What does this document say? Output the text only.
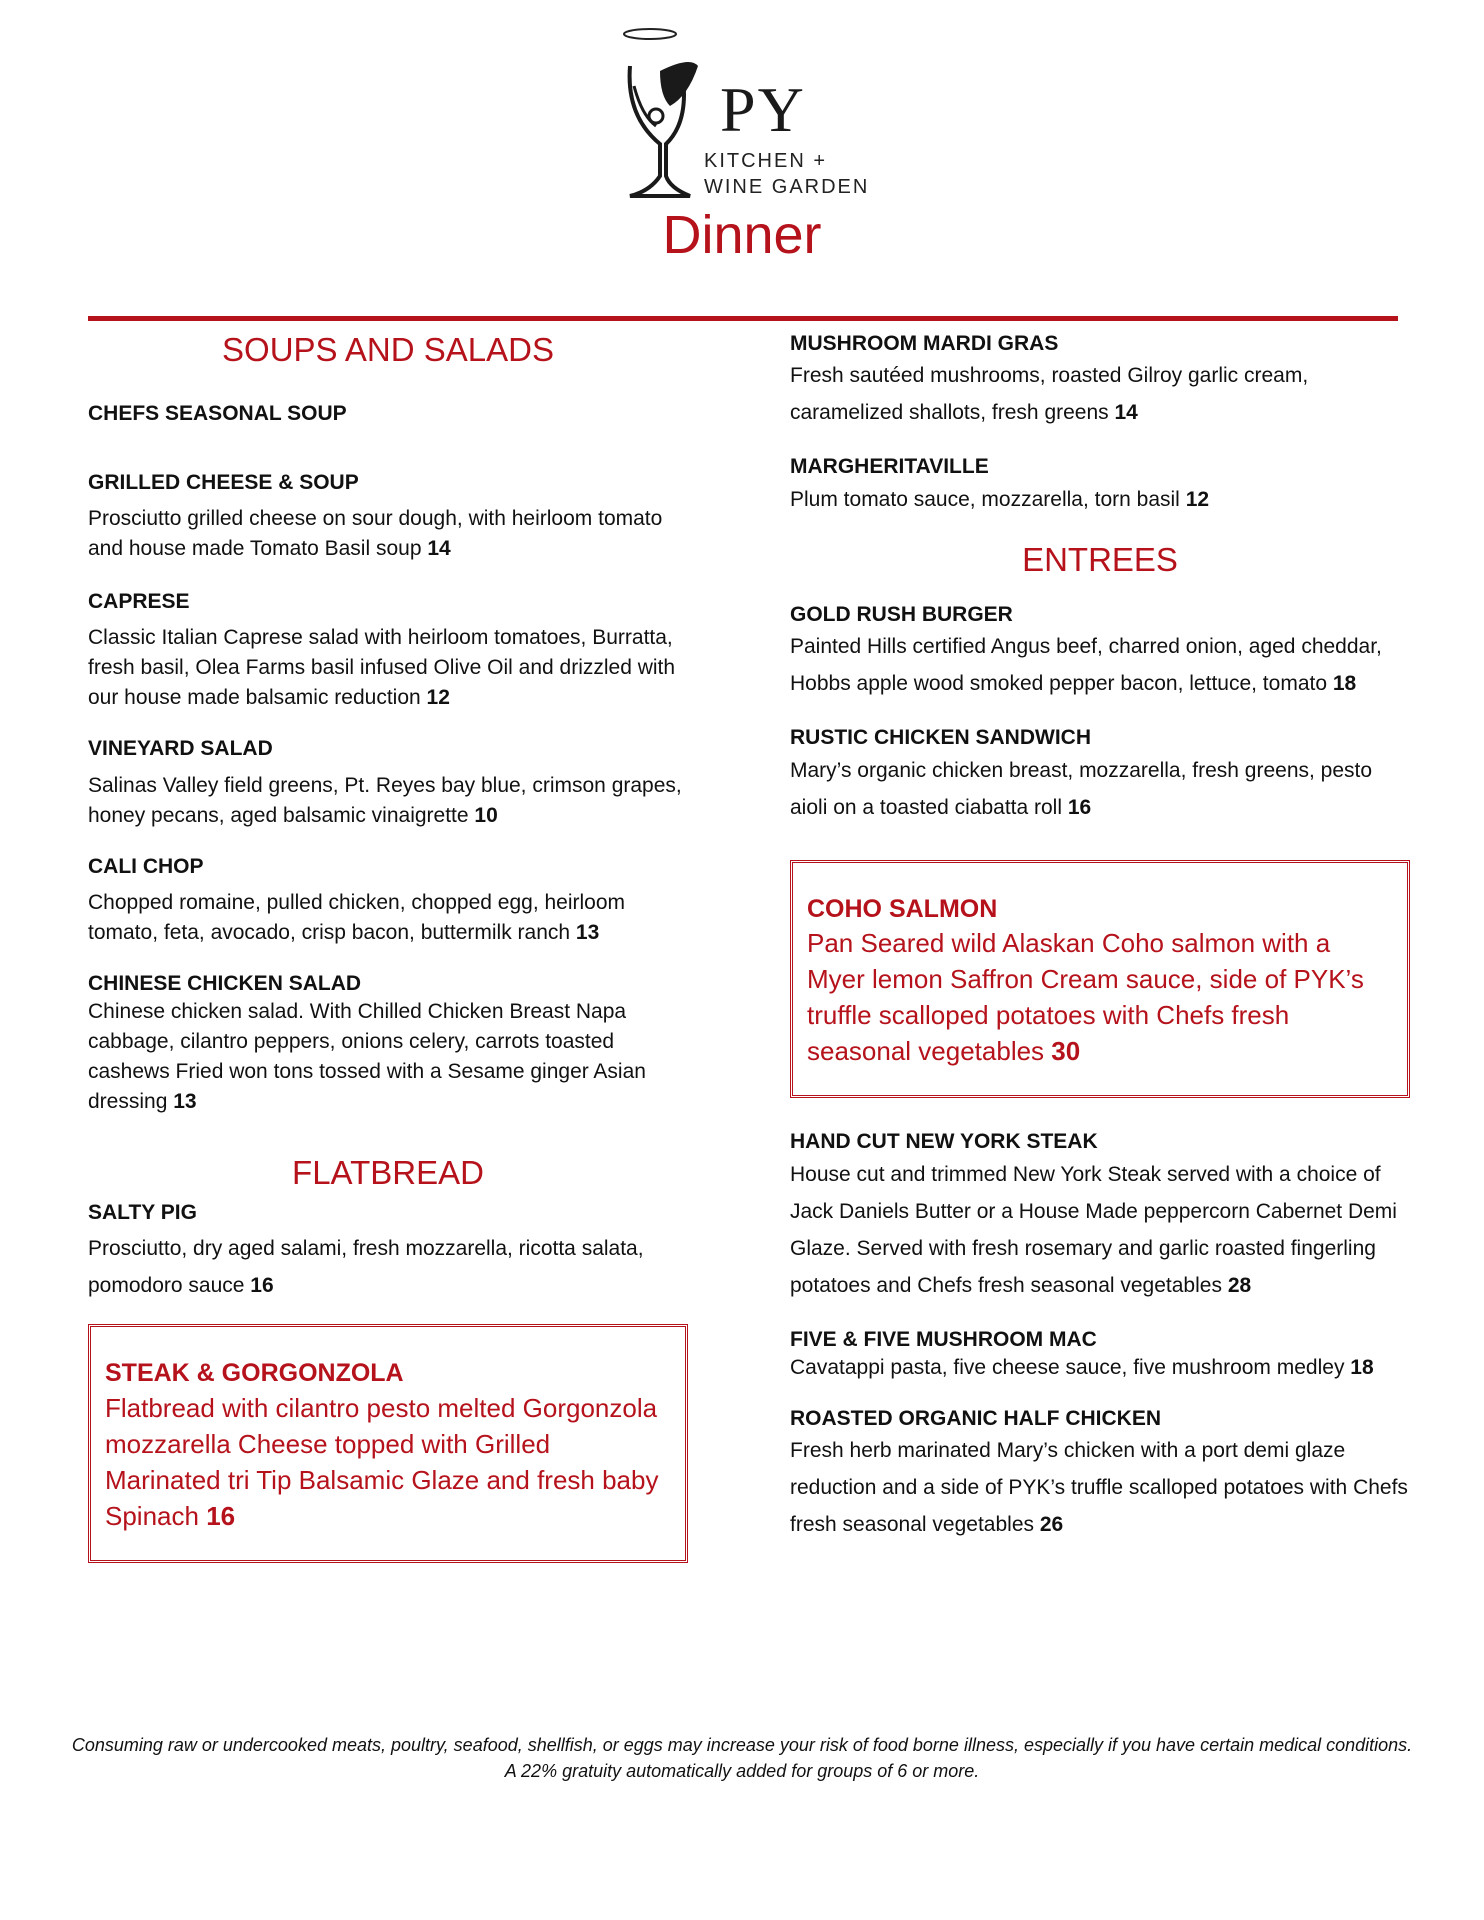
PY
KITCHEN +
WINE GARDEN
Dinner
SOUPS AND SALADS
CHEFS SEASONAL SOUP
GRILLED CHEESE & SOUP
Prosciutto grilled cheese on sour dough, with heirloom tomato and house made Tomato Basil soup 14
CAPRESE
Classic Italian Caprese salad with heirloom tomatoes, Burratta, fresh basil, Olea Farms basil infused Olive Oil and drizzled with our house made balsamic reduction 12
VINEYARD SALAD
Salinas Valley field greens, Pt. Reyes bay blue, crimson grapes, honey pecans, aged balsamic vinaigrette 10
CALI CHOP
Chopped romaine, pulled chicken, chopped egg, heirloom tomato, feta, avocado, crisp bacon, buttermilk ranch 13
CHINESE CHICKEN SALAD
Chinese chicken salad. With Chilled Chicken Breast Napa cabbage, cilantro peppers, onions celery, carrots toasted cashews Fried won tons tossed with a Sesame ginger Asian dressing 13
FLATBREAD
SALTY PIG
Prosciutto, dry aged salami, fresh mozzarella, ricotta salata, pomodoro sauce 16
STEAK & GORGONZOLA
Flatbread with cilantro pesto melted Gorgonzola mozzarella Cheese topped with Grilled Marinated tri Tip Balsamic Glaze and fresh baby Spinach 16
MUSHROOM MARDI GRAS
Fresh sautéed mushrooms, roasted Gilroy garlic cream, caramelized shallots, fresh greens 14
MARGHERITAVILLE
Plum tomato sauce, mozzarella, torn basil 12
ENTREES
GOLD RUSH BURGER
Painted Hills certified Angus beef, charred onion, aged cheddar, Hobbs apple wood smoked pepper bacon, lettuce, tomato 18
RUSTIC CHICKEN SANDWICH
Mary’s organic chicken breast, mozzarella, fresh greens, pesto aioli on a toasted ciabatta roll 16
COHO SALMON
Pan Seared wild Alaskan Coho salmon with a Myer lemon Saffron Cream sauce, side of PYK’s truffle scalloped potatoes with Chefs fresh seasonal vegetables 30
HAND CUT NEW YORK STEAK
House cut and trimmed New York Steak served with a choice of Jack Daniels Butter or a House Made peppercorn Cabernet Demi Glaze. Served with fresh rosemary and garlic roasted fingerling potatoes and Chefs fresh seasonal vegetables 28
FIVE & FIVE MUSHROOM MAC
Cavatappi pasta, five cheese sauce, five mushroom medley 18
ROASTED ORGANIC HALF CHICKEN
Fresh herb marinated Mary’s chicken with a port demi glaze reduction and a side of PYK’s truffle scalloped potatoes with Chefs fresh seasonal vegetables 26
Consuming raw or undercooked meats, poultry, seafood, shellfish, or eggs may increase your risk of food borne illness, especially if you have certain medical conditions.
A 22% gratuity automatically added for groups of 6 or more.
